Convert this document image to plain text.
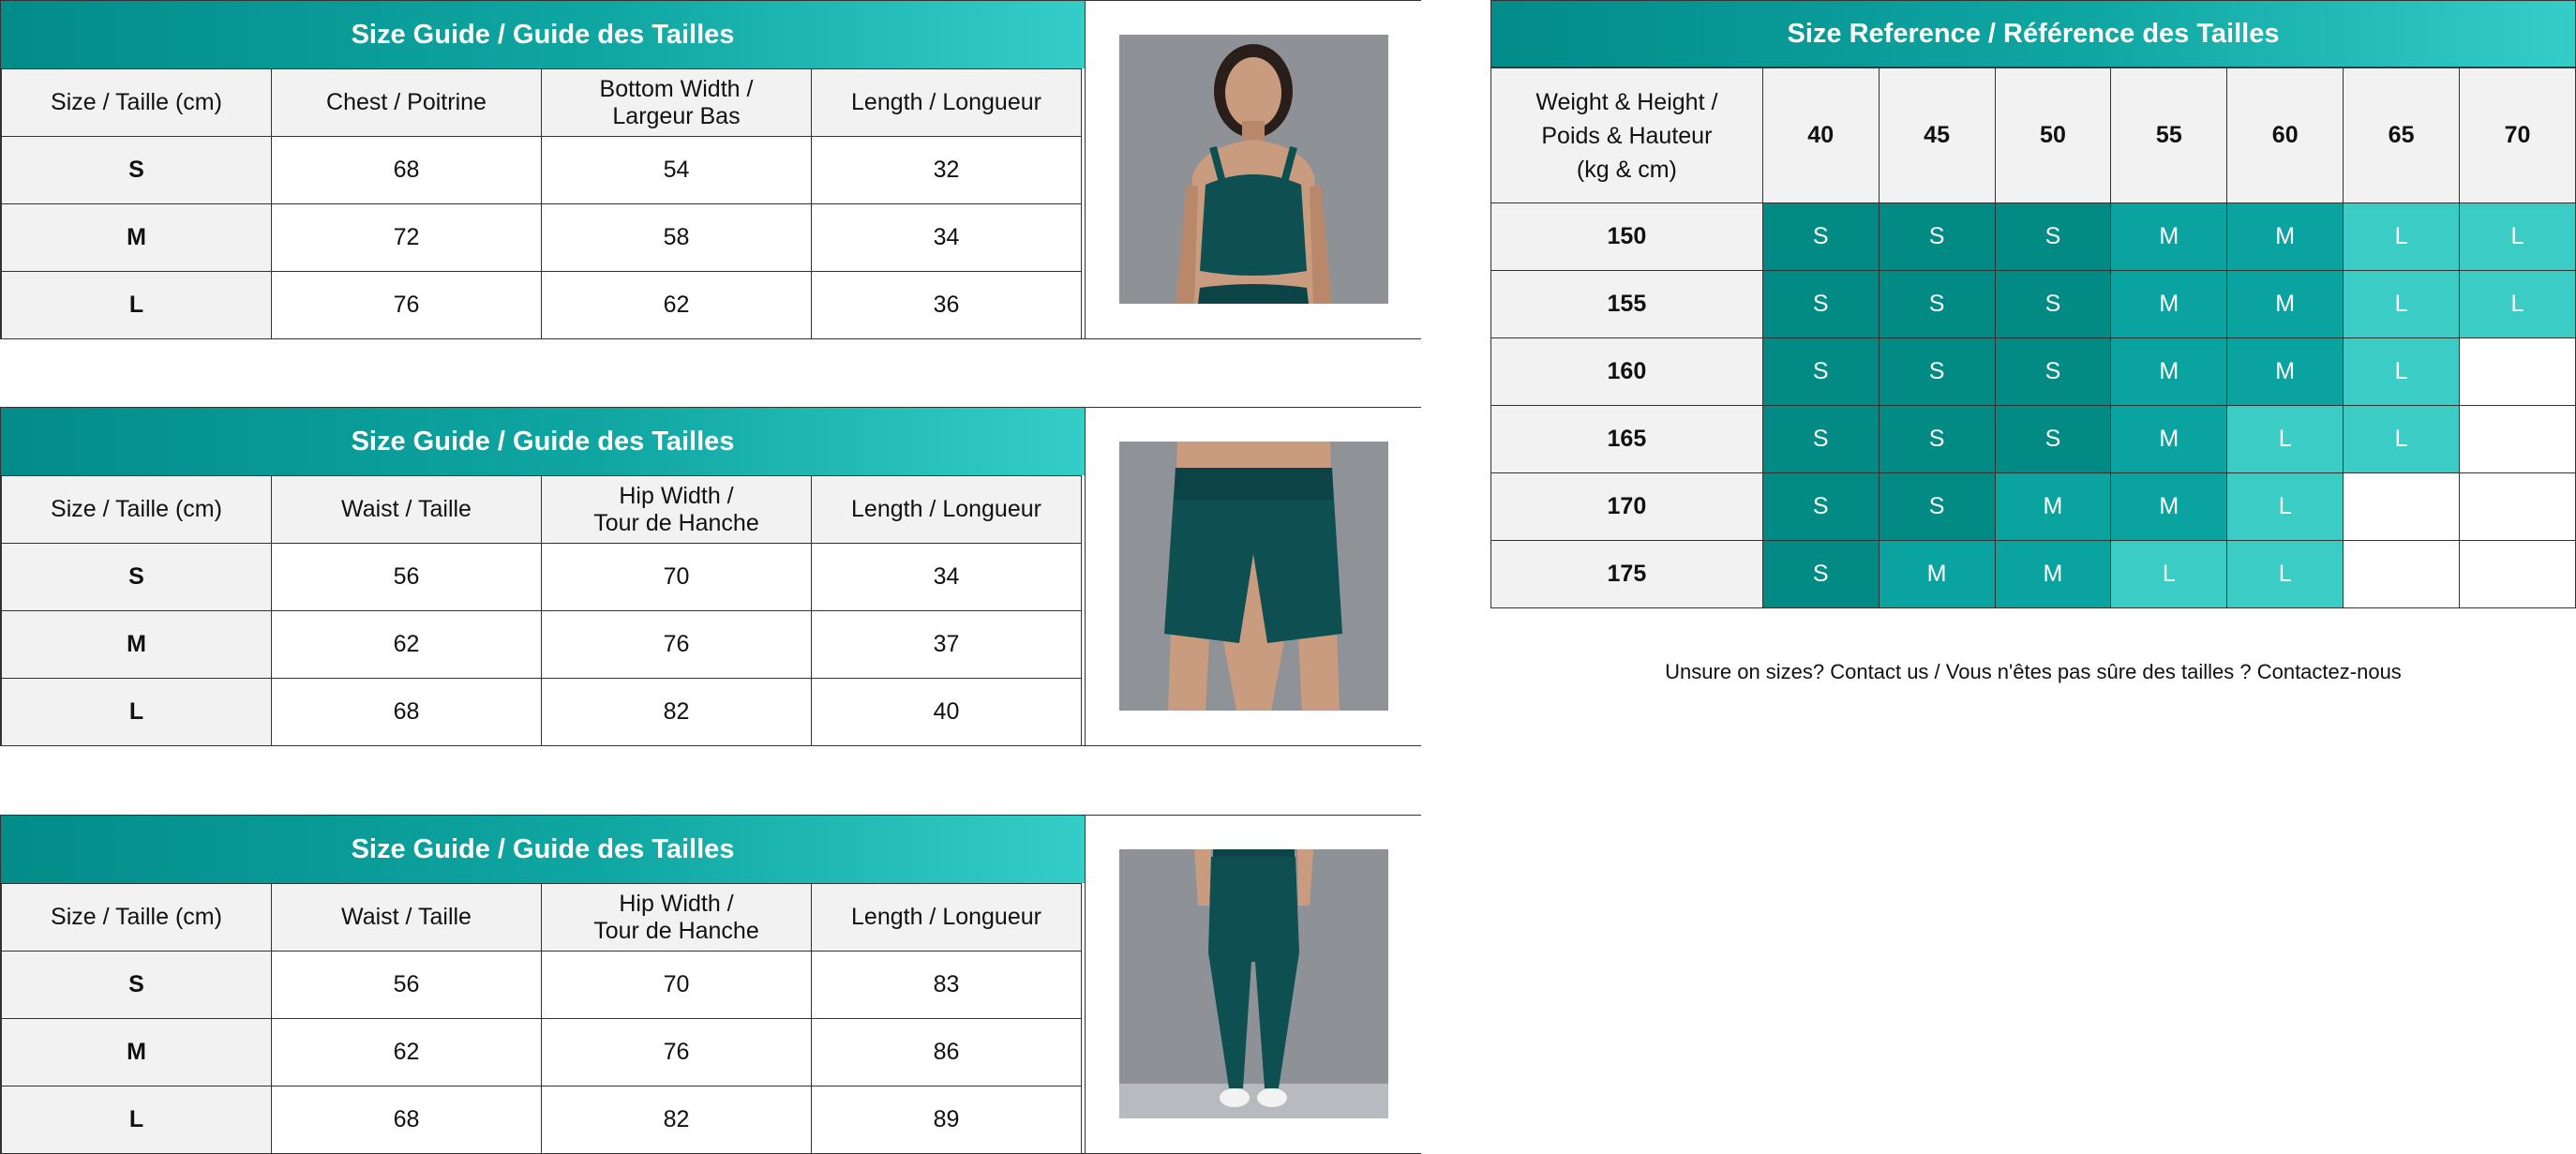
Size Guide / Guide des Tailles
Size / Taille (cm)	Chest / Poitrine	Bottom Width /
Largeur Bas	Length / Longueur
S	68	54	32
M	72	58	34
L	76	62	36
Size Guide / Guide des Tailles
Size / Taille (cm)	Waist / Taille	Hip Width /
Tour de Hanche	Length / Longueur
S	56	70	34
M	62	76	37
L	68	82	40
Size Guide / Guide des Tailles
Size / Taille (cm)	Waist / Taille	Hip Width /
Tour de Hanche	Length / Longueur
S	56	70	83
M	62	76	86
L	68	82	89
Size Reference / Référence des Tailles
Weight & Height /
Poids & Hauteur
(kg & cm)	40	45	50	55	60	65	70
150	S	S	S	M	M	L	L
155	S	S	S	M	M	L	L
160	S	S	S	M	M	L	
165	S	S	S	M	L	L	
170	S	S	M	M	L		
175	S	M	M	L	L		
Unsure on sizes? Contact us / Vous n'êtes pas sûre des tailles ? Contactez-nous
